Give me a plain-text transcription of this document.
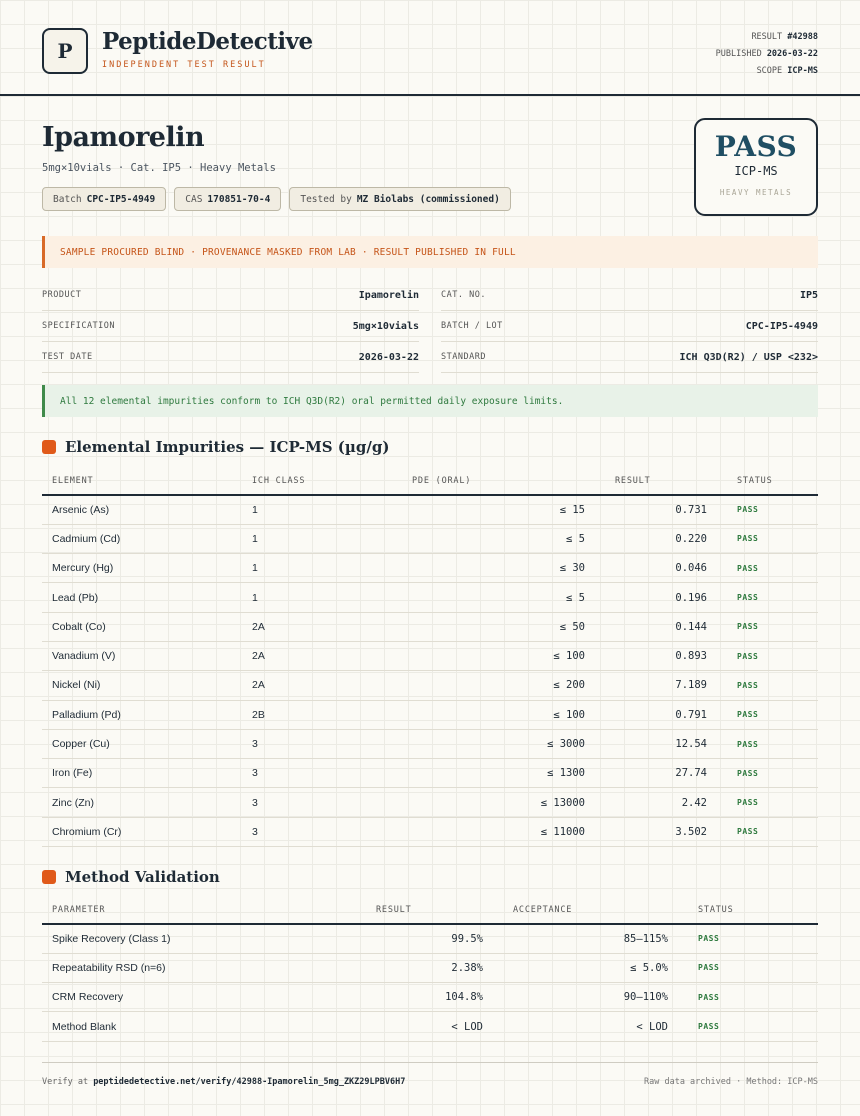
P	PeptideDetective
INDEPENDENT TEST RESULT
RESULT #42988
PUBLISHED 2026-03-22
SCOPE ICP-MS
Ipamorelin
5mg×10vials · Cat. IP5 · Heavy Metals
Batch CPC-IP5-4949	CAS 170851-70-4	Tested by MZ Biolabs (commissioned)
PASS
ICP-MS
HEAVY METALS
SAMPLE PROCURED BLIND · PROVENANCE MASKED FROM LAB · RESULT PUBLISHED IN FULL
PRODUCT	Ipamorelin	CAT. NO.	IP5
SPECIFICATION	5mg×10vials	BATCH / LOT	CPC-IP5-4949
TEST DATE	2026-03-22	STANDARD	ICH Q3D(R2) / USP <232>
All 12 elemental impurities conform to ICH Q3D(R2) oral permitted daily exposure limits.
Elemental Impurities — ICP-MS (µg/g)
ELEMENT	ICH CLASS	PDE (ORAL)	RESULT	STATUS
Arsenic (As)	1	≤ 15	0.731	PASS
Cadmium (Cd)	1	≤ 5	0.220	PASS
Mercury (Hg)	1	≤ 30	0.046	PASS
Lead (Pb)	1	≤ 5	0.196	PASS
Cobalt (Co)	2A	≤ 50	0.144	PASS
Vanadium (V)	2A	≤ 100	0.893	PASS
Nickel (Ni)	2A	≤ 200	7.189	PASS
Palladium (Pd)	2B	≤ 100	0.791	PASS
Copper (Cu)	3	≤ 3000	12.54	PASS
Iron (Fe)	3	≤ 1300	27.74	PASS
Zinc (Zn)	3	≤ 13000	2.42	PASS
Chromium (Cr)	3	≤ 11000	3.502	PASS
Method Validation
PARAMETER	RESULT	ACCEPTANCE	STATUS
Spike Recovery (Class 1)	99.5%	85–115%	PASS
Repeatability RSD (n=6)	2.38%	≤ 5.0%	PASS
CRM Recovery	104.8%	90–110%	PASS
Method Blank	< LOD	< LOD	PASS
Verify at peptidedetective.net/verify/42988-Ipamorelin_5mg_ZKZ29LPBV6H7	Raw data archived · Method: ICP-MS
